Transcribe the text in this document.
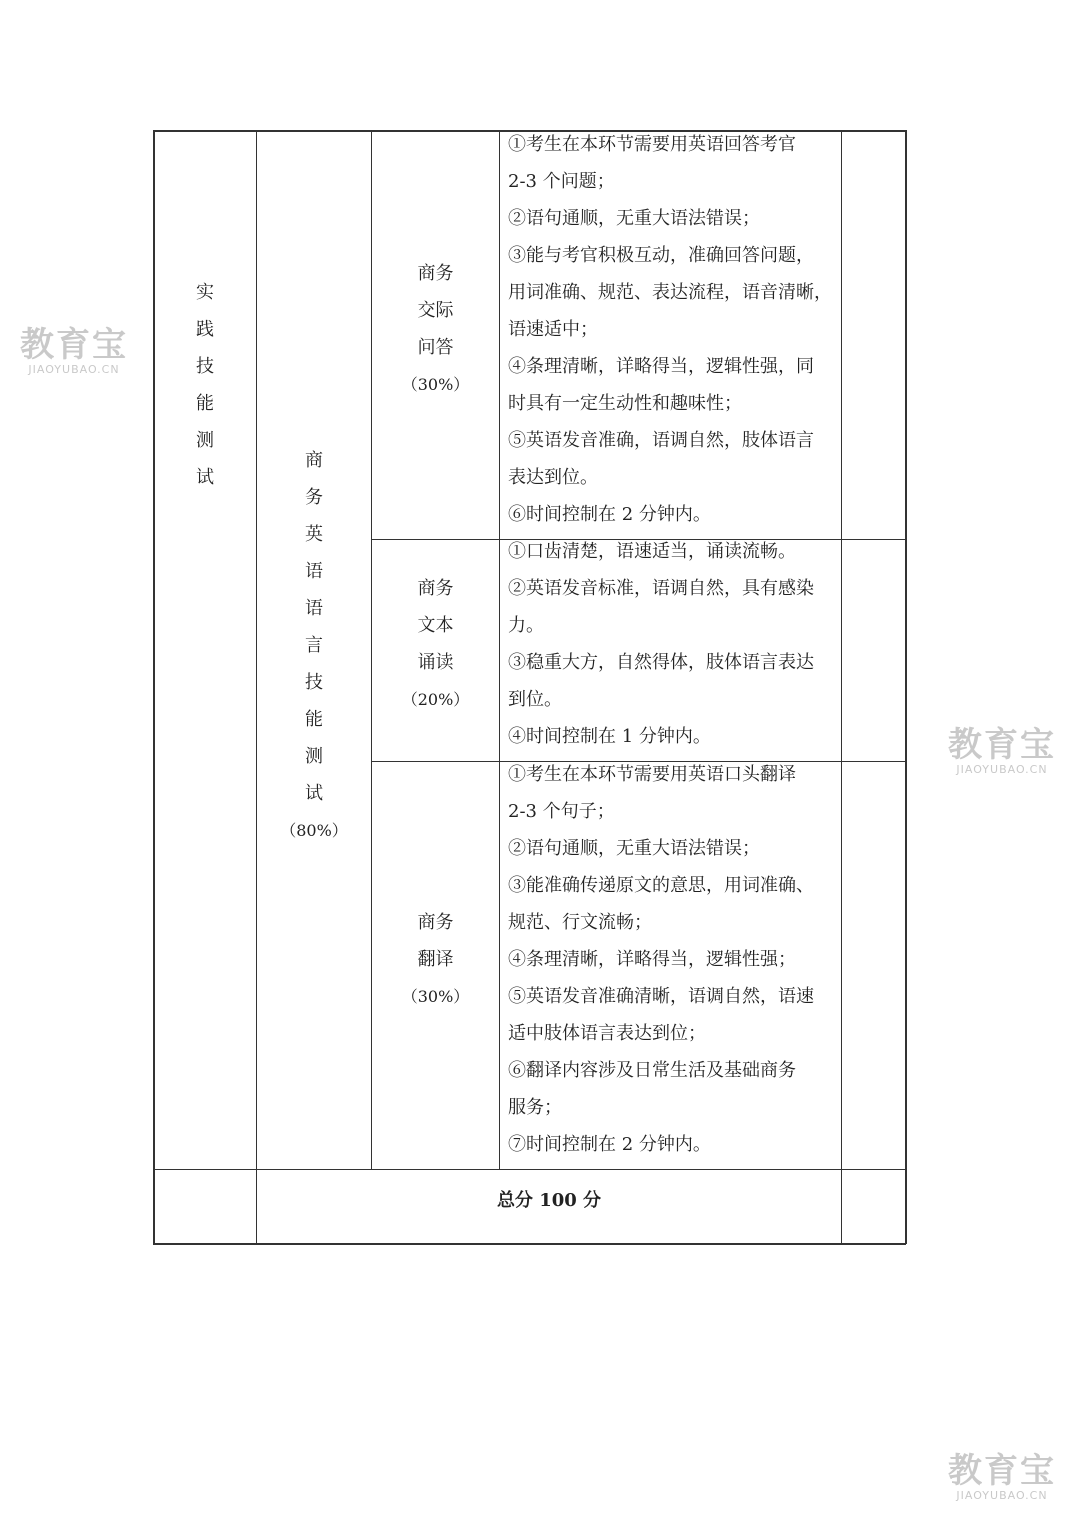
实
践
技
能
测
试
商
务
英
语
语
言
技
能
测
试
（80%）
商务
交际
问答
（30%）
①考生在本环节需要用英语回答考官
2-3 个问题；
②语句通顺，无重大语法错误；
③能与考官积极互动，准确回答问题，
用词准确、规范、表达流程，语音清晰，
语速适中；
④条理清晰，详略得当，逻辑性强，同
时具有一定生动性和趣味性；
⑤英语发音准确，语调自然，肢体语言
表达到位。
⑥时间控制在 2 分钟内。
商务
文本
诵读
（20%）
①口齿清楚，语速适当，诵读流畅。
②英语发音标准，语调自然，具有感染
力。
③稳重大方，自然得体，肢体语言表达
到位。
④时间控制在 1 分钟内。
商务
翻译
（30%）
①考生在本环节需要用英语口头翻译
2-3 个句子；
②语句通顺，无重大语法错误；
③能准确传递原文的意思，用词准确、
规范、行文流畅；
④条理清晰，详略得当，逻辑性强；
⑤英语发音准确清晰，语调自然，语速
适中肢体语言表达到位；
⑥翻译内容涉及日常生活及基础商务
服务；
⑦时间控制在 2 分钟内。
总分 100 分
教育宝
JIAOYUBAO.CN
教育宝
JIAOYUBAO.CN
教育宝
JIAOYUBAO.CN
